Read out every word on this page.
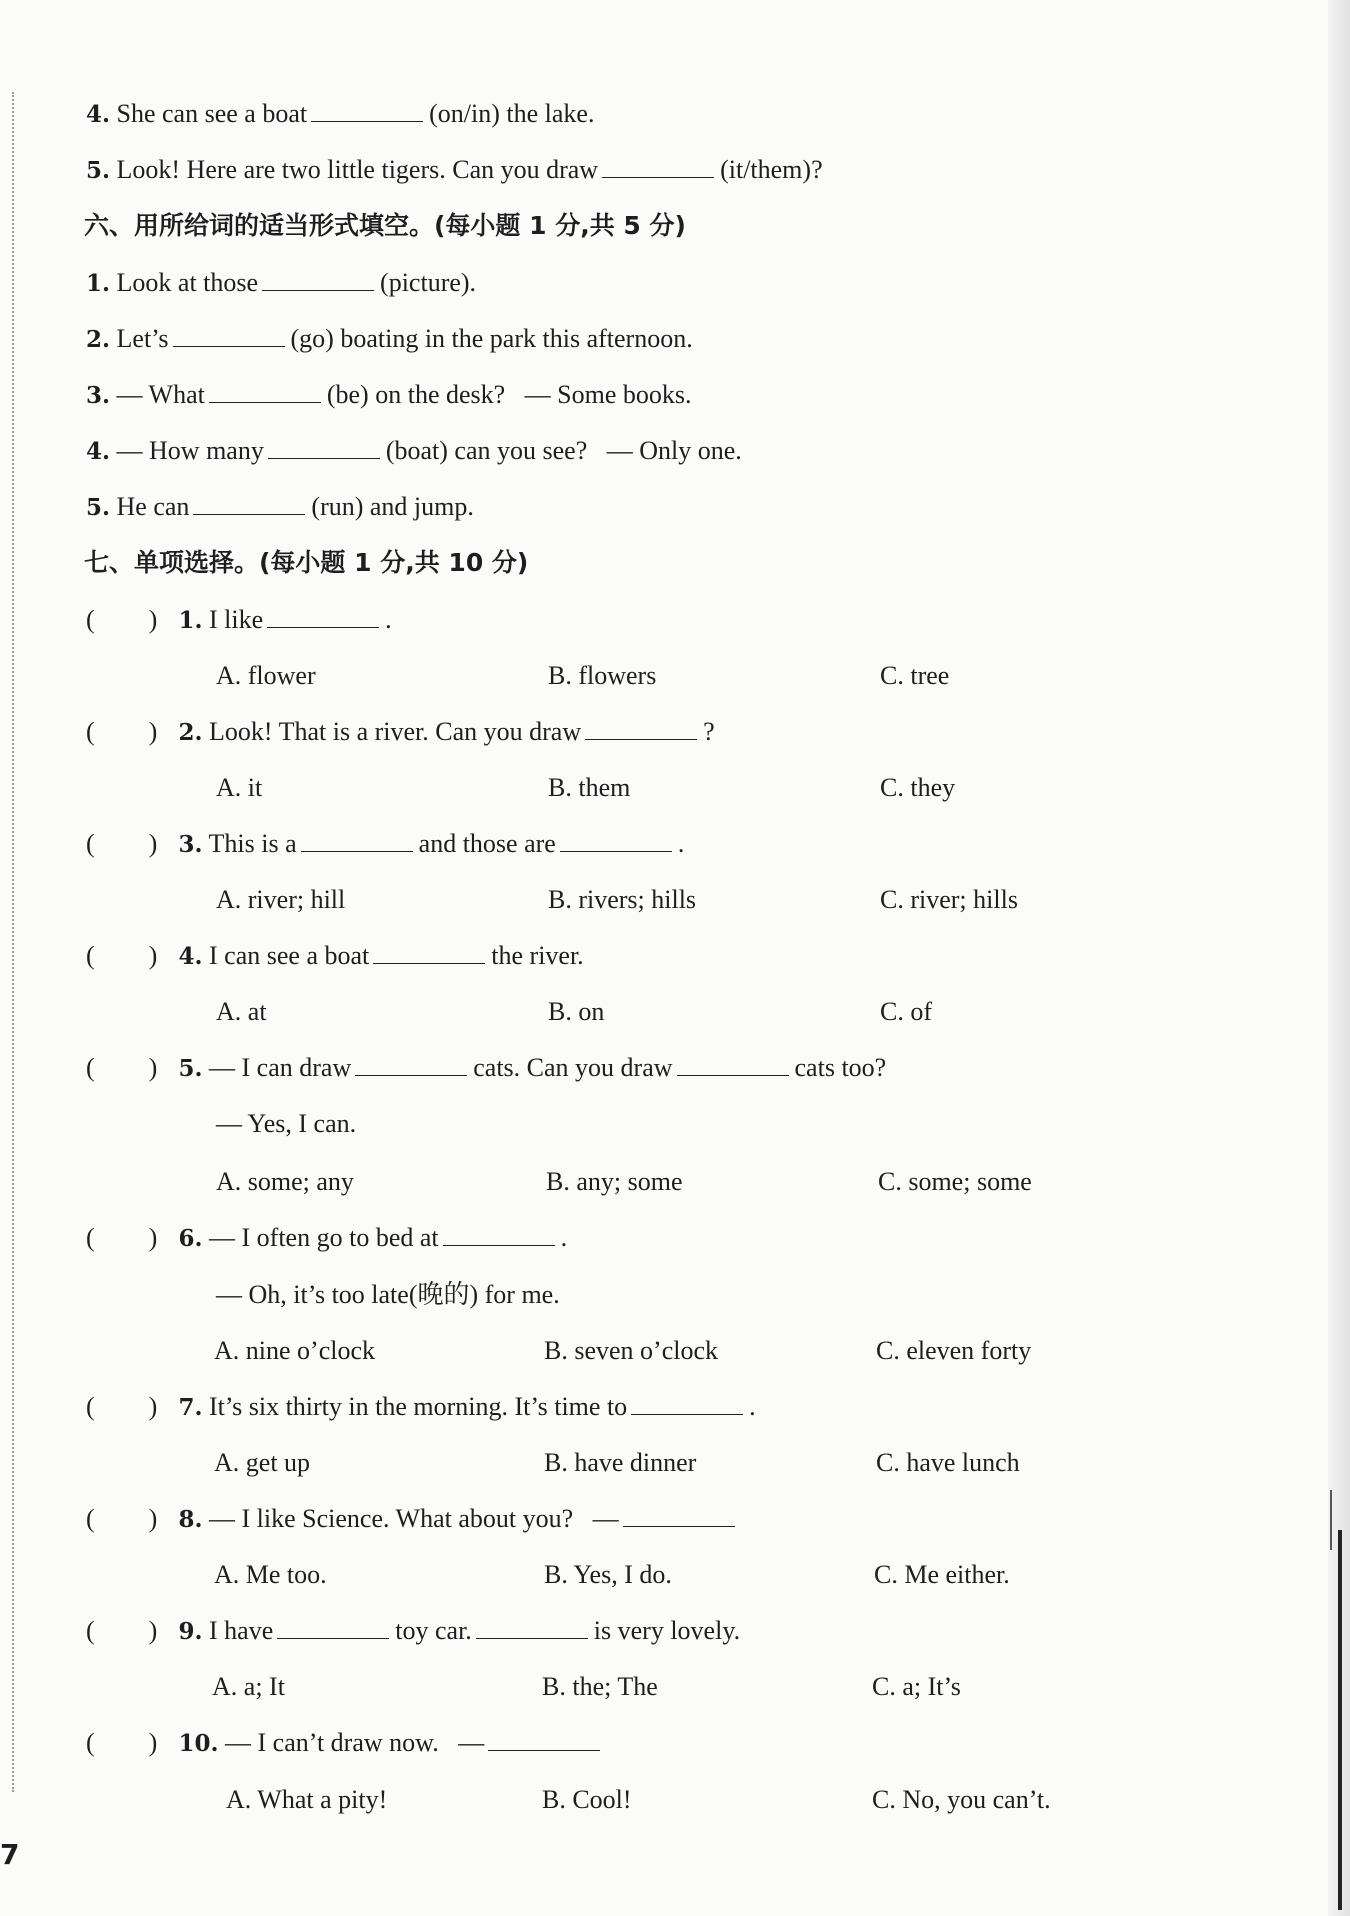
4. She can see a boat	(on/in) the lake.
5. Look! Here are two little tigers. Can you draw	(it/them)?
六、用所给词的适当形式填空。(每小题 1 分,共 5 分)
1. Look at those	(picture).
2. Let’s	(go) boating in the park this afternoon.
3. — What	(be) on the desk?   — Some books.
4. — How many	(boat) can you see?   — Only one.
5. He can	(run) and jump.
七、单项选择。(每小题 1 分,共 10 分)
( ) 1. I like	.
A. flower	B. flowers	C. tree
( ) 2. Look! That is a river. Can you draw	?
A. it	B. them	C. they
( ) 3. This is a	and those are	.
A. river; hill	B. rivers; hills	C. river; hills
( ) 4. I can see a boat	the river.
A. at	B. on	C. of
( ) 5. — I can draw	cats. Can you draw	cats too?
— Yes, I can.
A. some; any	B. any; some	C. some; some
( ) 6. — I often go to bed at	.
— Oh, it’s too late(晚的) for me.
A. nine o’clock	B. seven o’clock	C. eleven forty
( ) 7. It’s six thirty in the morning. It’s time to	.
A. get up	B. have dinner	C. have lunch
( ) 8. — I like Science. What about you?   —
A. Me too.	B. Yes, I do.	C. Me either.
( ) 9. I have	toy car.	is very lovely.
A. a; It	B. the; The	C. a; It’s
( ) 10. — I can’t draw now.   —
A. What a pity!	B. Cool!	C. No, you can’t.
7
